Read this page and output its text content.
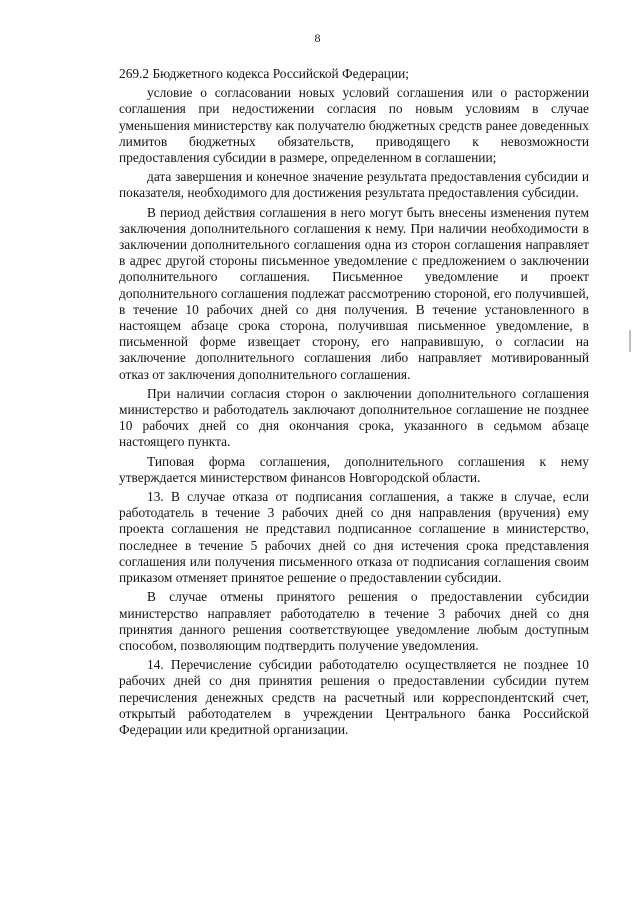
8

269.2 Бюджетного кодекса Российской Федерации;

условие о согласовании новых условий соглашения или о расторжении соглашения при недостижении согласия по новым условиям в случае уменьшения министерству как получателю бюджетных средств ранее доведенных лимитов бюджетных обязательств, приводящего к невозможности предоставления субсидии в размере, определенном в соглашении;

дата завершения и конечное значение результата предоставления субсидии и показателя, необходимого для достижения результата предоставления субсидии.

В период действия соглашения в него могут быть внесены изменения путем заключения дополнительного соглашения к нему. При наличии необходимости в заключении дополнительного соглашения одна из сторон соглашения направляет в адрес другой стороны письменное уведомление с предложением о заключении дополнительного соглашения. Письменное уведомление и проект дополнительного соглашения подлежат рассмотрению стороной, его получившей, в течение 10 рабочих дней со дня получения. В течение установленного в настоящем абзаце срока сторона, получившая письменное уведомление, в письменной форме извещает сторону, его направившую, о согласии на заключение дополнительного соглашения либо направляет мотивированный отказ от заключения дополнительного соглашения.

При наличии согласия сторон о заключении дополнительного соглашения министерство и работодатель заключают дополнительное соглашение не позднее 10 рабочих дней со дня окончания срока, указанного в седьмом абзаце настоящего пункта.

Типовая форма соглашения, дополнительного соглашения к нему утверждается министерством финансов Новгородской области.

13. В случае отказа от подписания соглашения, а также в случае, если работодатель в течение 3 рабочих дней со дня направления (вручения) ему проекта соглашения не представил подписанное соглашение в министерство, последнее в течение 5 рабочих дней со дня истечения срока представления соглашения или получения письменного отказа от подписания соглашения своим приказом отменяет принятое решение о предоставлении субсидии.

В случае отмены принятого решения о предоставлении субсидии министерство направляет работодателю в течение 3 рабочих дней со дня принятия данного решения соответствующее уведомление любым доступным способом, позволяющим подтвердить получение уведомления.

14. Перечисление субсидии работодателю осуществляется не позднее 10 рабочих дней со дня принятия решения о предоставлении субсидии путем перечисления денежных средств на расчетный или корреспондентский счет, открытый работодателем в учреждении Центрального банка Российской Федерации или кредитной организации.
